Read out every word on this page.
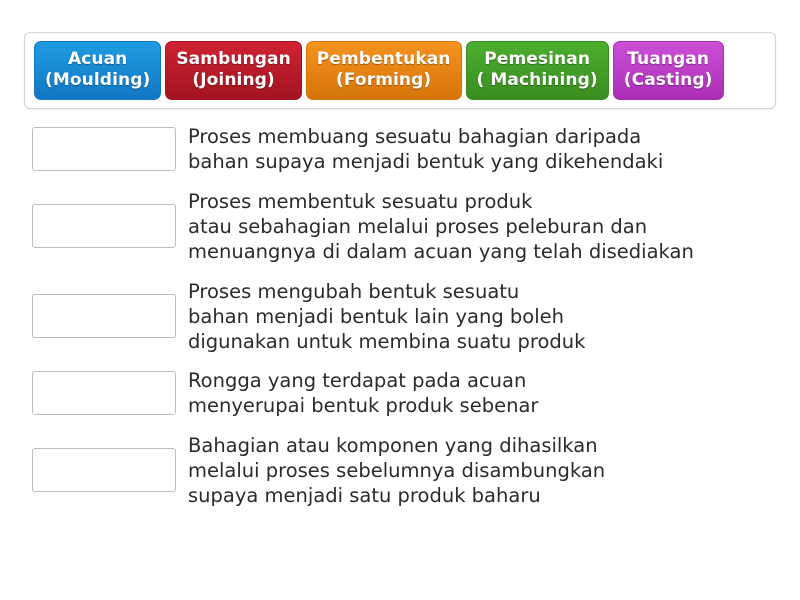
Acuan
(Moulding)
Sambungan
(Joining)
Pembentukan
(Forming)
Pemesinan
( Machining)
Tuangan
(Casting)
Proses membuang sesuatu bahagian daripada
bahan supaya menjadi bentuk yang dikehendaki
Proses membentuk sesuatu produk
atau sebahagian melalui proses peleburan dan
menuangnya di dalam acuan yang telah disediakan
Proses mengubah bentuk sesuatu
bahan menjadi bentuk lain yang boleh
digunakan untuk membina suatu produk
Rongga yang terdapat pada acuan
menyerupai bentuk produk sebenar
Bahagian atau komponen yang dihasilkan
melalui proses sebelumnya disambungkan
supaya menjadi satu produk baharu
